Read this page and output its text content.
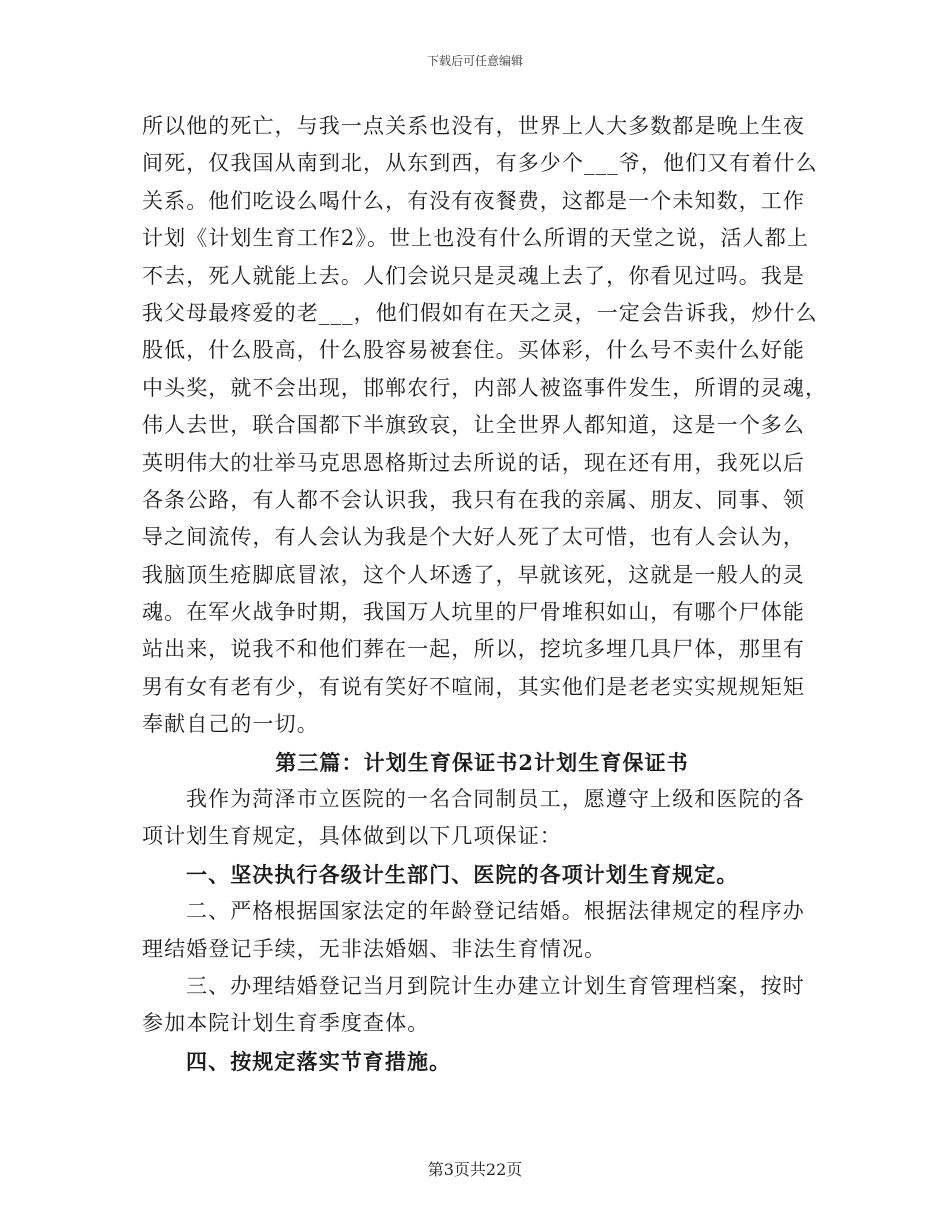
下载后可任意编辑
所以他的死亡，与我一点关系也没有，世界上人大多数都是晚上生夜
间死，仅我国从南到北，从东到西，有多少个___爷，他们又有着什么
关系。他们吃设么喝什么，有没有夜餐费，这都是一个未知数，工作
计划《计划生育工作2》。世上也没有什么所谓的天堂之说，活人都上
不去，死人就能上去。人们会说只是灵魂上去了，你看见过吗。我是
我父母最疼爱的老___，他们假如有在天之灵，一定会告诉我，炒什么
股低，什么股高，什么股容易被套住。买体彩，什么号不卖什么好能
中头奖，就不会出现，邯郸农行，内部人被盗事件发生，所谓的灵魂，
伟人去世，联合国都下半旗致哀，让全世界人都知道，这是一个多么
英明伟大的壮举马克思恩格斯过去所说的话，现在还有用，我死以后
各条公路，有人都不会认识我，我只有在我的亲属、朋友、同事、领
导之间流传，有人会认为我是个大好人死了太可惜，也有人会认为，
我脑顶生疮脚底冒浓，这个人坏透了，早就该死，这就是一般人的灵
魂。在军火战争时期，我国万人坑里的尸骨堆积如山，有哪个尸体能
站出来，说我不和他们葬在一起，所以，挖坑多埋几具尸体，那里有
男有女有老有少，有说有笑好不喧闹，其实他们是老老实实规规矩矩
奉献自己的一切。
第三篇：计划生育保证书2计划生育保证书
我作为菏泽市立医院的一名合同制员工，愿遵守上级和医院的各
项计划生育规定，具体做到以下几项保证：
一、坚决执行各级计生部门、医院的各项计划生育规定。
二、严格根据国家法定的年龄登记结婚。根据法律规定的程序办
理结婚登记手续，无非法婚姻、非法生育情况。
三、办理结婚登记当月到院计生办建立计划生育管理档案，按时
参加本院计划生育季度查体。
四、按规定落实节育措施。
第3页共22页
